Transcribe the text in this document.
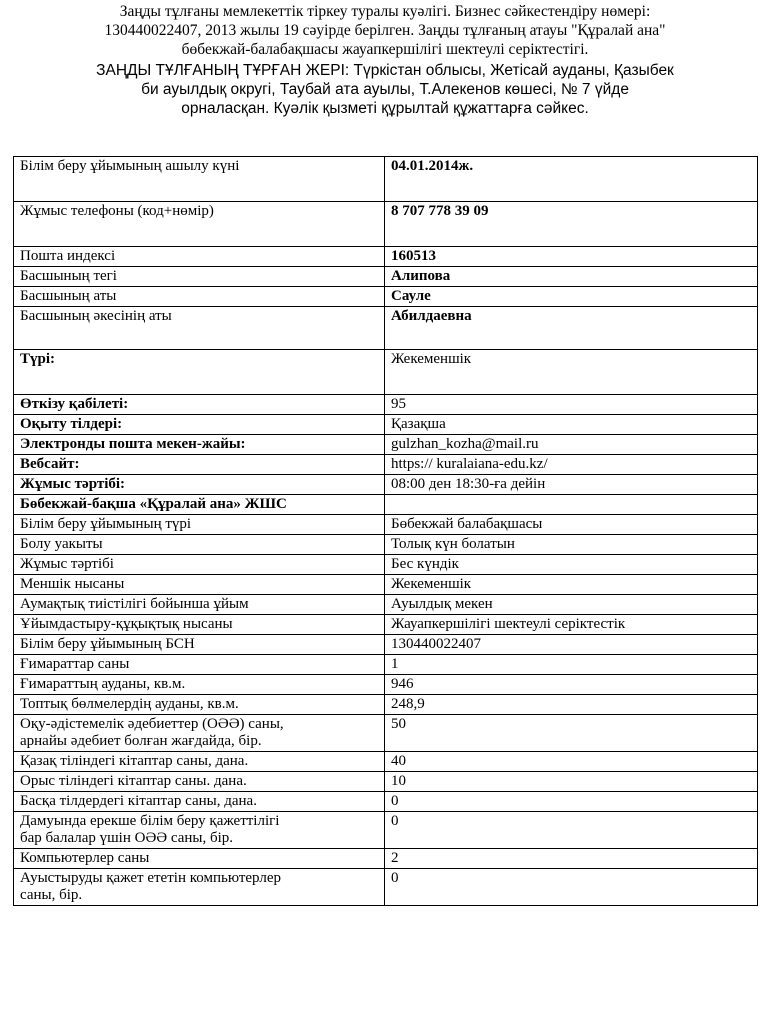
Заңды тұлғаны мемлекеттік тіркеу туралы куәлігі. Бизнес сәйкестендіру нөмері:
130440022407, 2013 жылы 19 сәуірде берілген. Заңды тұлғаның атауы "Құралай ана"
бөбекжай-балабақшасы жауапкершілігі шектеулі серіктестігі.

ЗАҢДЫ ТҰЛҒАНЫҢ ТҰРҒАН ЖЕРІ: Түркістан облысы, Жетісай ауданы, Қазыбек
би ауылдық округі, Таубай ата ауылы, Т.Алекенов көшесі, № 7 үйде
орналасқан. Куәлік қызметі құрылтай құжаттарға сәйкес.

Білім беру ұйымының ашылу күні	04.01.2014ж.
Жұмыс телефоны (код+нөмір)	8 707 778 39 09
Пошта индексі	160513
Басшының тегі	Алипова
Басшының аты	Сауле
Басшының әкесінің аты	Абилдаевна
Түрі:	Жекеменшік
Өткізу қабілеті:	95
Оқыту тілдері:	Қазақша
Электронды пошта мекен-жайы:	gulzhan_kozha@mail.ru
Вебсайт:	https:// kuralaiana-edu.kz/
Жұмыс тәртібі:	08:00 ден 18:30-ға дейін
Бөбекжай-бақша «Құралай ана» ЖШС	
Білім беру ұйымының түрі	Бөбекжай балабақшасы
Болу уакыты	Толық күн болатын
Жұмыс тәртібі	Бес күндік
Меншік нысаны	Жекеменшік
Аумақтық тиістілігі бойынша ұйым	Ауылдық мекен
Ұйымдастыру-құқықтық нысаны	Жауапкершілігі шектеулі серіктестік
Білім беру ұйымының БСН	130440022407
Ғимараттар саны	1
Ғимараттың ауданы, кв.м.	946
Топтық бөлмелердің ауданы, кв.м.	248,9
Оқу-әдістемелік әдебиеттер (ОӘӘ) саны,
арнайы әдебиет болған жағдайда, бір.	50
Қазақ тіліндегі кітаптар саны, дана.	40
Орыс тіліндегі кітаптар саны. дана.	10
Басқа тілдердегі кітаптар саны, дана.	0
Дамуында ерекше білім беру қажеттілігі
бар балалар үшін ОӘӘ саны, бір.	0
Компьютерлер саны	2
Ауыстыруды қажет ететін компьютерлер
саны, бір.	0
